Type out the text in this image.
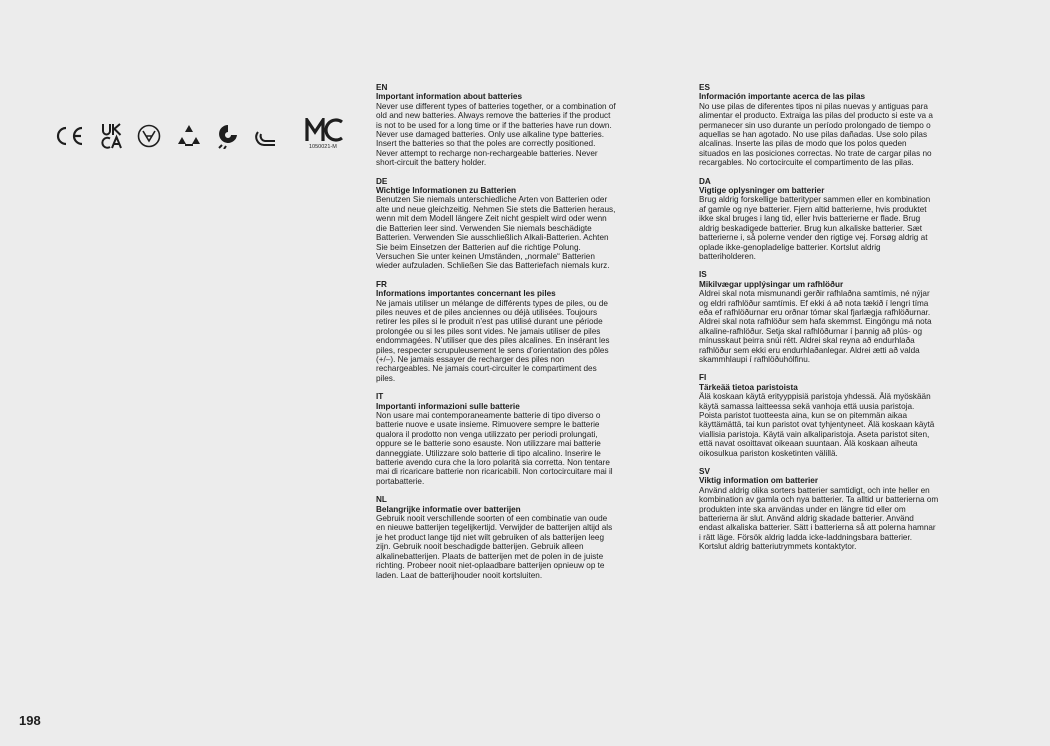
1050021-M
EN
Important information about batteries
Never use different types of batteries together, or a combination of old and new batteries. Always remove the batteries if the product is not to be used for a long time or if the batteries have run down. Never use damaged batteries. Only use alkaline type batteries. Insert the batteries so that the poles are correctly positioned. Never attempt to recharge non-rechargeable batteries. Never short-circuit the battery holder.
DE
Wichtige Informationen zu Batterien
Benutzen Sie niemals unterschiedliche Arten von Batterien oder alte und neue gleichzeitig. Nehmen Sie stets die Batterien heraus, wenn mit dem Modell längere Zeit nicht gespielt wird oder wenn die Batterien leer sind. Verwenden Sie niemals beschädigte Batterien. Verwenden Sie ausschließlich Alkali-Batterien. Achten Sie beim Einsetzen der Batterien auf die richtige Polung. Versuchen Sie unter keinen Umständen, „normale“ Batterien wieder aufzuladen. Schließen Sie das Batteriefach niemals kurz.
FR
Informations importantes concernant les piles
Ne jamais utiliser un mélange de différents types de piles, ou de piles neuves et de piles anciennes ou déjà utilisées. Toujours retirer les piles si le produit n’est pas utilisé durant une période prolongée ou si les piles sont vides. Ne jamais utiliser de piles endommagées. N’utiliser que des piles alcalines. En insérant les piles, respecter scrupuleusement le sens d’orientation des pôles (+/–). Ne jamais essayer de recharger des piles non rechargeables. Ne jamais court-circuiter le compartiment des piles.
IT
Importanti informazioni sulle batterie
Non usare mai contemporaneamente batterie di tipo diverso o batterie nuove e usate insieme. Rimuovere sempre le batterie qualora il prodotto non venga utilizzato per periodi prolungati, oppure se le batterie sono esauste. Non utilizzare mai batterie danneggiate. Utilizzare solo batterie di tipo alcalino. Inserire le batterie avendo cura che la loro polarità sia corretta. Non tentare mai di ricaricare batterie non ricaricabili. Non cortocircuitare mai il portabatterie.
NL
Belangrijke informatie over batterijen
Gebruik nooit verschillende soorten of een combinatie van oude en nieuwe batterijen tegelijkertijd. Verwijder de batterijen altijd als je het product lange tijd niet wilt gebruiken of als batterijen leeg zijn. Gebruik nooit beschadigde batterijen. Gebruik alleen alkalinebatterijen. Plaats de batterijen met de polen in de juiste richting. Probeer nooit niet-oplaadbare batterijen opnieuw op te laden. Laat de batterijhouder nooit kortsluiten.
ES
Información importante acerca de las pilas
No use pilas de diferentes tipos ni pilas nuevas y antiguas para alimentar el producto. Extraiga las pilas del producto si este va a permanecer sin uso durante un período prolongado de tiempo o aquellas se han agotado. No use pilas dañadas. Use solo pilas alcalinas. Inserte las pilas de modo que los polos queden situados en las posiciones correctas. No trate de cargar pilas no recargables. No cortocircuite el compartimento de las pilas.
DA
Vigtige oplysninger om batterier
Brug aldrig forskellige batterityper sammen eller en kombination af gamle og nye batterier. Fjern altid batterierne, hvis produktet ikke skal bruges i lang tid, eller hvis batterierne er flade. Brug aldrig beskadigede batterier. Brug kun alkaliske batterier. Sæt batterierne i, så polerne vender den rigtige vej. Forsøg aldrig at oplade ikke-genopladelige batterier. Kortslut aldrig batteriholderen.
IS
Mikilvægar upplýsingar um rafhlöður
Aldrei skal nota mismunandi gerðir rafhlaðna samtímis, né nýjar og eldri rafhlöður samtímis. Ef ekki á að nota tækið í lengri tíma eða ef rafhlöðurnar eru orðnar tómar skal fjarlægja rafhlöðurnar. Aldrei skal nota rafhlöður sem hafa skemmst. Eingöngu má nota alkaline-rafhlöður. Setja skal rafhlöðurnar í þannig að plús- og mínusskaut þeirra snúi rétt. Aldrei skal reyna að endurhlaða rafhlöður sem ekki eru endurhlaðanlegar. Aldrei ætti að valda skammhlaupi í rafhlöðuhólfinu.
FI
Tärkeää tietoa paristoista
Älä koskaan käytä erityyppisiä paristoja yhdessä. Älä myöskään käytä samassa laitteessa sekä vanhoja että uusia paristoja. Poista paristot tuotteesta aina, kun se on pitemmän aikaa käyttämättä, tai kun paristot ovat tyhjentyneet. Älä koskaan käytä viallisia paristoja. Käytä vain alkaliparistoja. Aseta paristot siten, että navat osoittavat oikeaan suuntaan. Älä koskaan aiheuta oikosulkua pariston kosketinten välillä.
SV
Viktig information om batterier
Använd aldrig olika sorters batterier samtidigt, och inte heller en kombination av gamla och nya batterier. Ta alltid ur batterierna om produkten inte ska användas under en längre tid eller om batterierna är slut. Använd aldrig skadade batterier. Använd endast alkaliska batterier. Sätt i batterierna så att polerna hamnar i rätt läge. Försök aldrig ladda icke-laddningsbara batterier. Kortslut aldrig batteriutrymmets kontaktytor.
198
